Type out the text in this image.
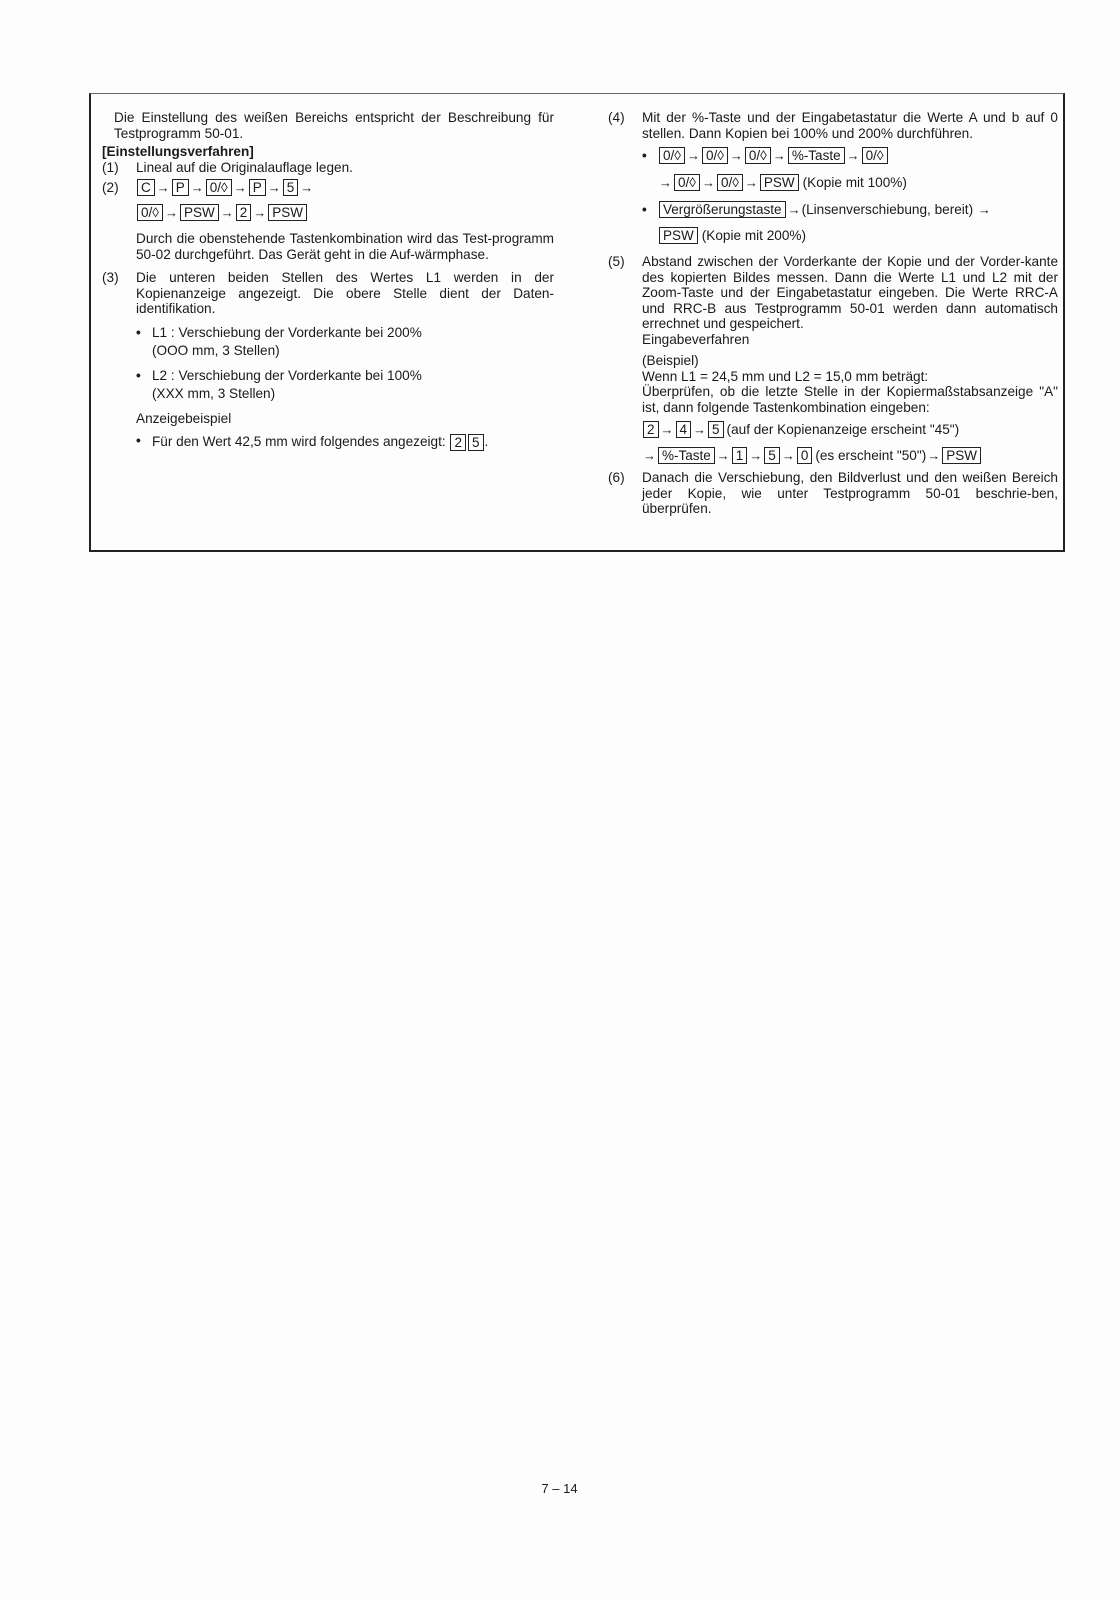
Die Einstellung des weißen Bereichs entspricht der Beschreibung für Testprogramm 50-01.

[Einstellungsverfahren]

(1)	Lineal auf die Originalauflage legen.
(2)	C → P → 0/◊ → P → 5 →
0/◊ → PSW → 2 → PSW

Durch die obenstehende Tastenkombination wird das Test-programm 50-02 durchgeführt. Das Gerät geht in die Auf-wärmphase.

(3)	Die unteren beiden Stellen des Wertes L1 werden in der Kopienanzeige angezeigt. Die obere Stelle dient der Daten-identifikation.

• L1 : Verschiebung der Vorderkante bei 200%

(OOO mm, 3 Stellen)

• L2 : Verschiebung der Vorderkante bei 100%

(XXX mm, 3 Stellen)

Anzeigebeispiel

• Für den Wert 42,5 mm wird folgendes angezeigt:
2 5 .
(4)	Mit der %-Taste und der Eingabetastatur die Werte A und b auf 0 stellen. Dann Kopien bei 100% und 200% durchführen.

•	0/◊ → 0/◊ → 0/◊ → %-Taste → 0/◊
→ 0/◊ → 0/◊ → PSW (Kopie mit 100%)
•	Vergrößerungstaste → (Linsenverschiebung, bereit)
→
PSW (Kopie mit 200%)
(5)	Abstand zwischen der Vorderkante der Kopie und der Vorder-kante des kopierten Bildes messen. Dann die Werte L1 und L2 mit der Zoom-Taste und der Eingabetastatur eingeben. Die Werte RRC-A und RRC-B aus Testprogramm 50-01 werden dann automatisch errechnet und gespeichert.

Eingabeverfahren

(Beispiel)

Wenn L1 = 24,5 mm und L2 = 15,0 mm beträgt:

Überprüfen, ob die letzte Stelle in der Kopiermaßstabsanzeige "A" ist, dann folgende Tastenkombination eingeben:

2 → 4 → 5 (auf der Kopienanzeige erscheint "45")
→ %-Taste → 1 → 5 → 0 (es erscheint "50") → PSW
(6)	Danach die Verschiebung, den Bildverlust und den weißen Bereich jeder Kopie, wie unter Testprogramm 50-01 beschrie-ben, überprüfen.

7 – 14
